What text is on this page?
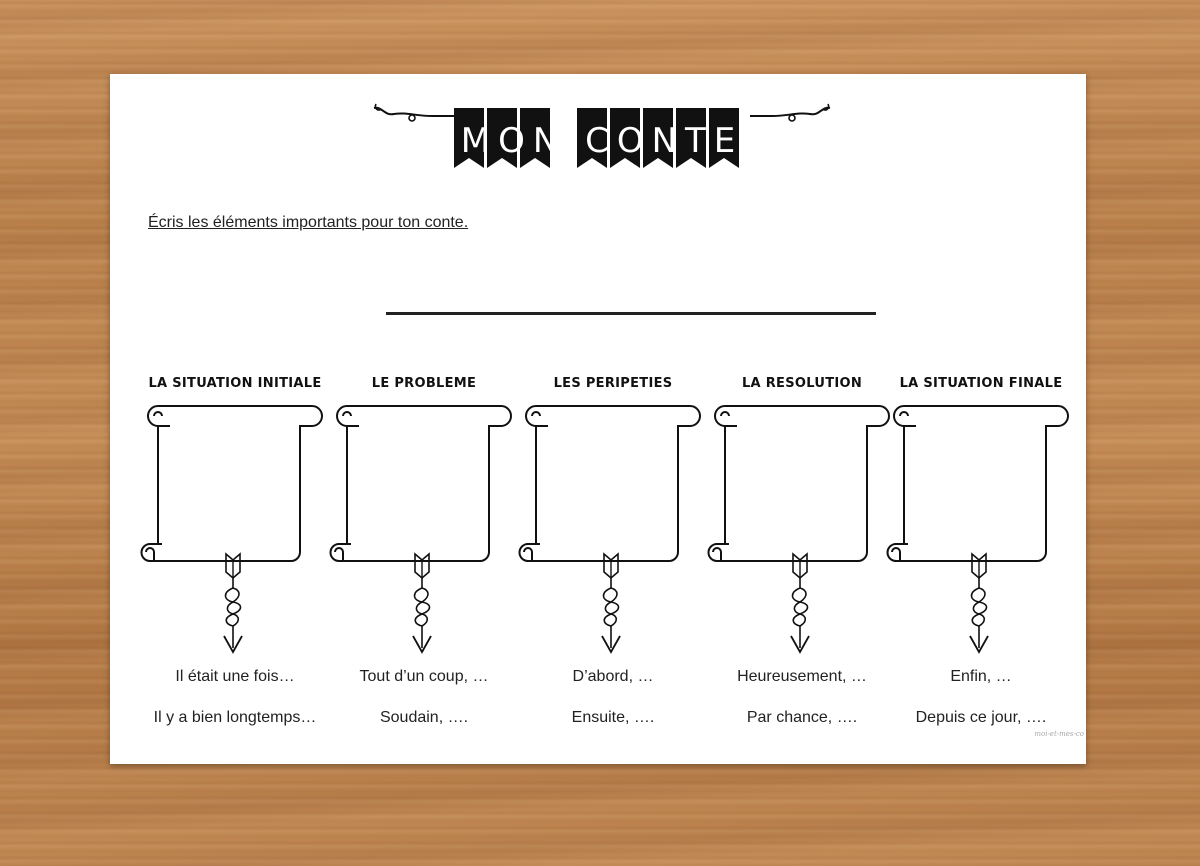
MON CONTE
Écris les éléments importants pour ton conte.
LA SITUATION INITIALE
Il était une fois…
Il y a bien longtemps…
LE PROBLEME
Tout d’un coup, …
Soudain, ….
LES PERIPETIES
D’abord, …
Ensuite, ….
LA RESOLUTION
Heureusement, …
Par chance, ….
LA SITUATION FINALE
Enfin, …
Depuis ce jour, ….
moi-et-mes-co
